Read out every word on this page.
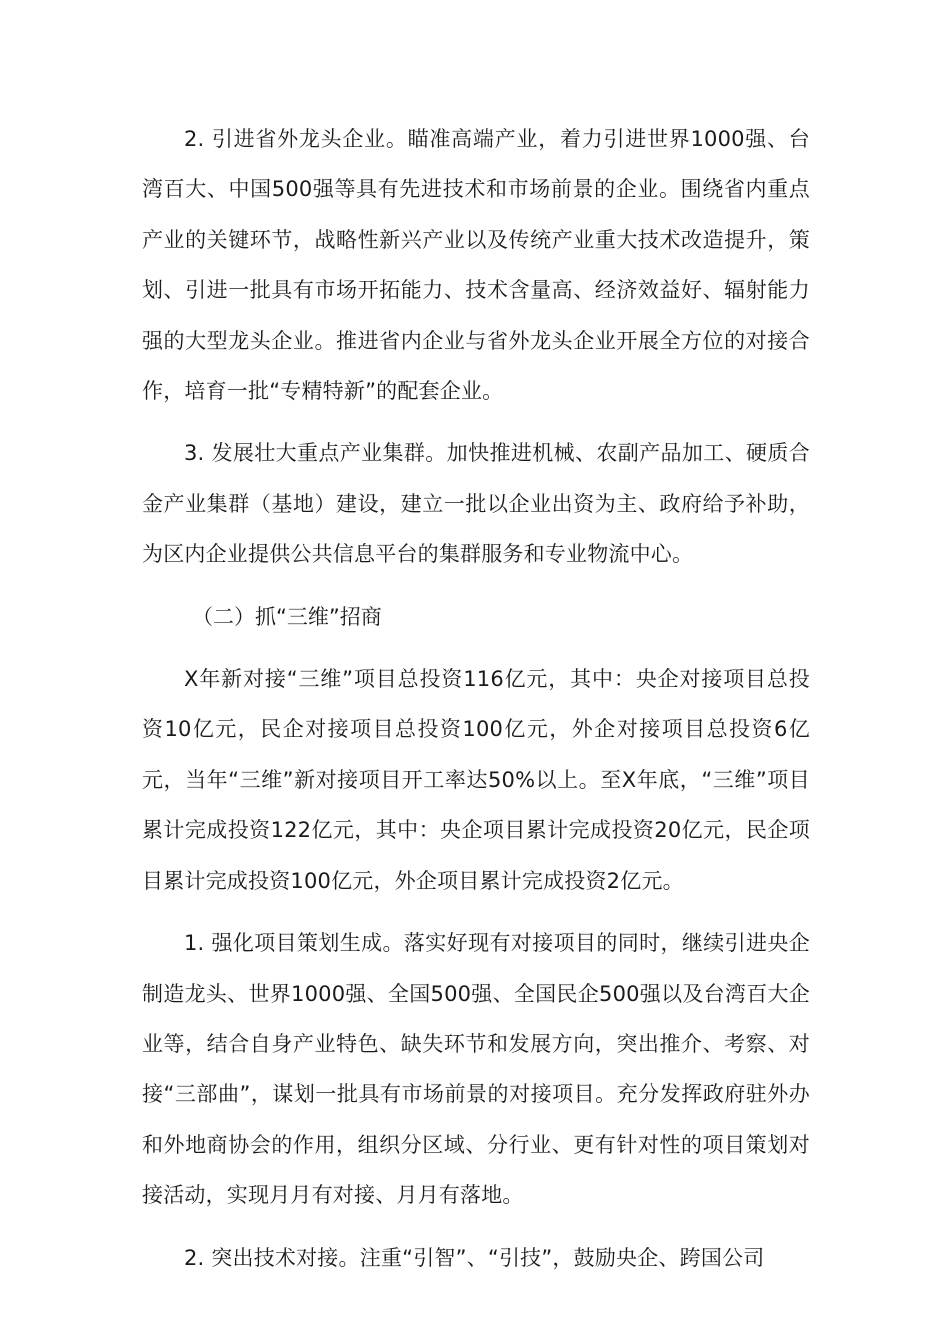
2. 引进省外龙头企业。瞄准高端产业，着力引进世界1000强、台湾百大、中国500强等具有先进技术和市场前景的企业。围绕省内重点产业的关键环节，战略性新兴产业以及传统产业重大技术改造提升，策划、引进一批具有市场开拓能力、技术含量高、经济效益好、辐射能力强的大型龙头企业。推进省内企业与省外龙头企业开展全方位的对接合作，培育一批“专精特新”的配套企业。

3. 发展壮大重点产业集群。加快推进机械、农副产品加工、硬质合金产业集群（基地）建设，建立一批以企业出资为主、政府给予补助，为区内企业提供公共信息平台的集群服务和专业物流中心。

（二）抓“三维”招商

X年新对接“三维”项目总投资116亿元，其中：央企对接项目总投资10亿元，民企对接项目总投资100亿元，外企对接项目总投资6亿元，当年“三维”新对接项目开工率达50%以上。至X年底，“三维”项目累计完成投资122亿元，其中：央企项目累计完成投资20亿元，民企项目累计完成投资100亿元，外企项目累计完成投资2亿元。

1. 强化项目策划生成。落实好现有对接项目的同时，继续引进央企制造龙头、世界1000强、全国500强、全国民企500强以及台湾百大企业等，结合自身产业特色、缺失环节和发展方向，突出推介、考察、对接“三部曲”，谋划一批具有市场前景的对接项目。充分发挥政府驻外办和外地商协会的作用，组织分区域、分行业、更有针对性的项目策划对接活动，实现月月有对接、月月有落地。

2. 突出技术对接。注重“引智”、“引技”，鼓励央企、跨国公司
